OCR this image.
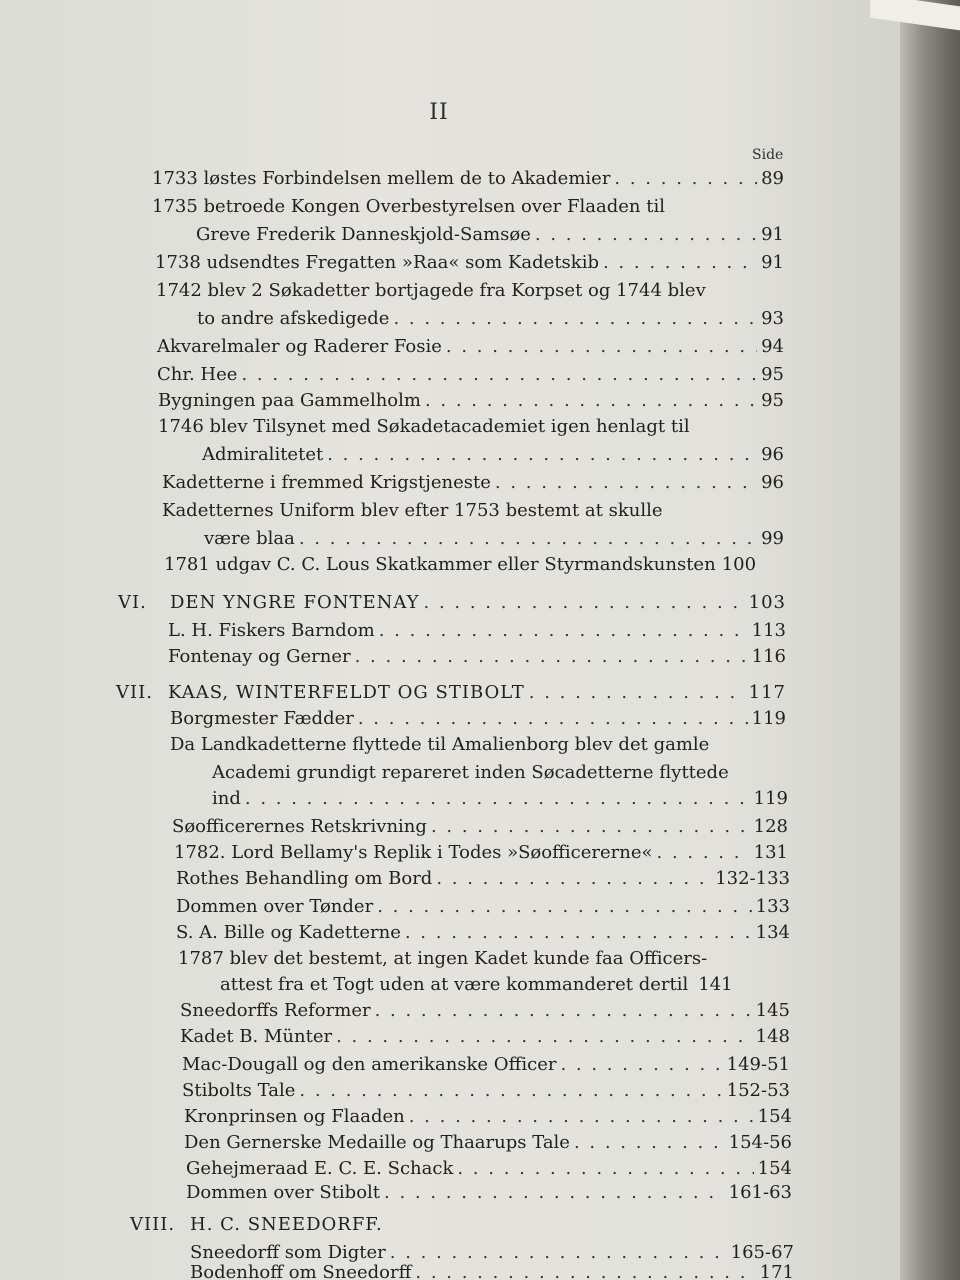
II
Side
1733 løstes Forbindelsen mellem de to Akademier . . .	89
1735 betroede Kongen Overbestyrelsen over Flaaden til
Greve Frederik Danneskjold-Samsøe . . .	91
1738 udsendtes Fregatten »Raa« som Kadetskib . . .	91
1742 blev 2 Søkadetter bortjagede fra Korpset og 1744 blev
to andre afskedigede . . .	93
Akvarelmaler og Raderer Fosie . . .	94
Chr. Hee . . .	95
Bygningen paa Gammelholm . . .	95
1746 blev Tilsynet med Søkadetacademiet igen henlagt til
Admiralitetet . . .	96
Kadetterne i fremmed Krigstjeneste . . .	96
Kadetternes Uniform blev efter 1753 bestemt at skulle
være blaa . . .	99
1781 udgav C. C. Lous Skatkammer eller Styrmandskunsten 100
VI.	DEN YNGRE FONTENAY . . .	103
L. H. Fiskers Barndom . . .	113
Fontenay og Gerner . . .	116
VII. KAAS, WINTERFELDT OG STIBOLT . . .	117
Borgmester Fædder . . .	119
Da Landkadetterne flyttede til Amalienborg blev det gamle
Academi grundigt repareret inden Søcadetterne flyttede
ind . . .	119
Søofficerernes Retskrivning . . .	128
1782. Lord Bellamy's Replik i Todes »Søofficererne« . . .	131
Rothes Behandling om Bord . . .	132-133
Dommen over Tønder . . .	133
S. A. Bille og Kadetterne . . .	134
1787 blev det bestemt, at ingen Kadet kunde faa Officers-
attest fra et Togt uden at være kommanderet dertil 141
Sneedorffs Reformer . . .	145
Kadet B. Münter . . .	148
Mac-Dougall og den amerikanske Officer . . .	149-51
Stibolts Tale . . .	152-53
Kronprinsen og Flaaden . . .	154
Den Gernerske Medaille og Thaarups Tale . . .	154-56
Gehejmeraad E. C. E. Schack . . .	154
Dommen over Stibolt . . .	161-63
VIII. H. C. SNEEDORFF.
Sneedorff som Digter . . .	165-67
Bodenhoff om Sneedorff . . .	171
